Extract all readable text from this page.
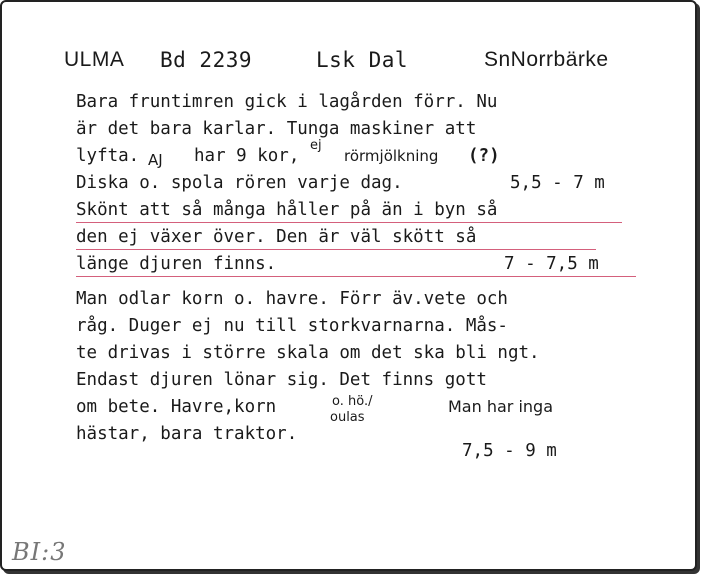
ULMA Bd 2239	Lsk Dal	SnNorrbärke
Bara fruntimren gick i lagården förr. Nu
är det bara karlar. Tunga maskiner att
lyfta. AJ har 9 kor,
ej
rörmjölkning (?)
Diska o. spola rören varje dag.	5,5 - 7 m
Skönt att så många håller på än i byn så
den ej växer över. Den är väl skött så
länge djuren finns.	7 - 7,5 m
Man odlar korn o. havre. Förr äv.vete och
råg. Duger ej nu till storkvarnarna. Mås-
te drivas i större skala om det ska bli ngt.
Endast djuren lönar sig. Det finns gott
om bete. Havre,korn	o. hö./
oulas
Man har inga
hästar, bara traktor.
7,5 - 9 m
BI:3
